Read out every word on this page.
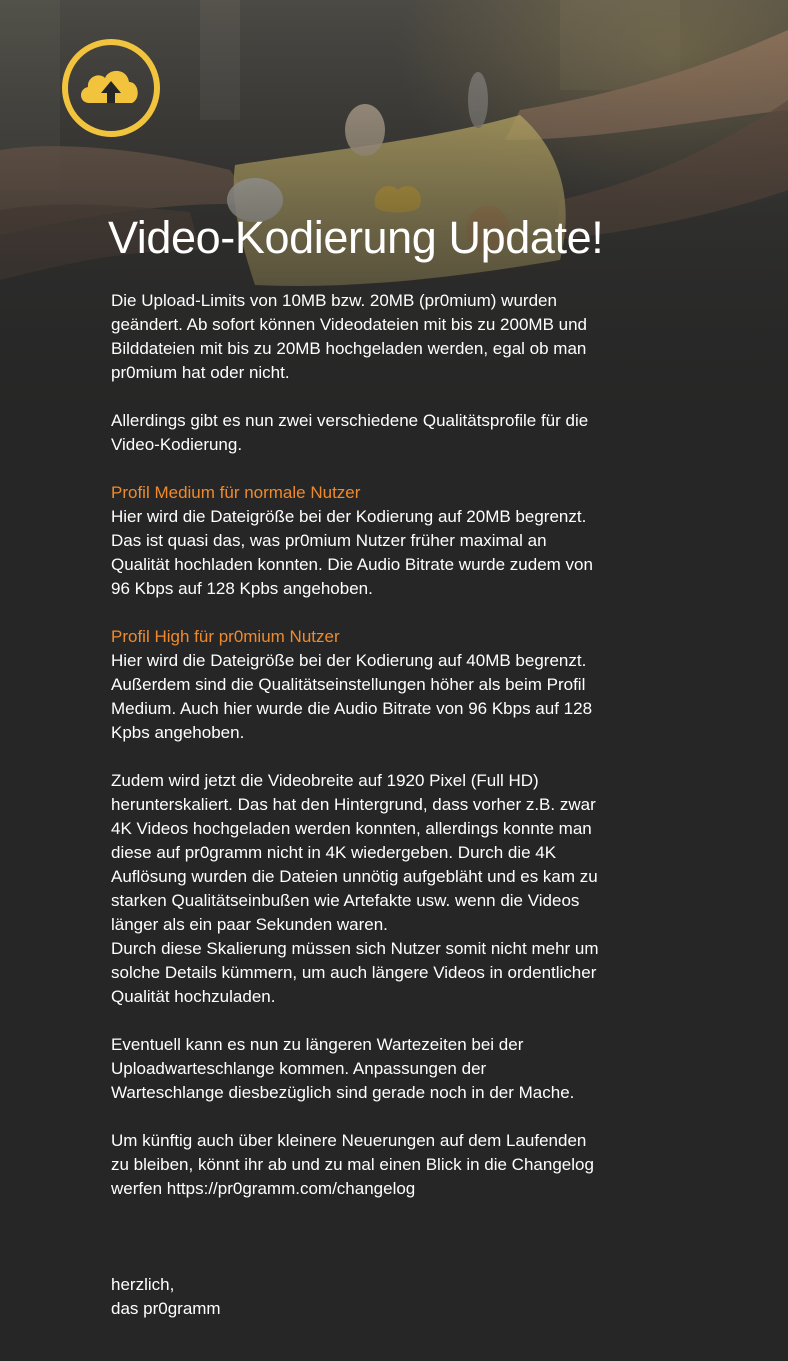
Video-Kodierung Update!

Die Upload-Limits von 10MB bzw. 20MB (pr0mium) wurden
geändert. Ab sofort können Videodateien mit bis zu 200MB und
Bilddateien mit bis zu 20MB hochgeladen werden, egal ob man
pr0mium hat oder nicht.

Allerdings gibt es nun zwei verschiedene Qualitätsprofile für die
Video-Kodierung.

Profil Medium für normale Nutzer
Hier wird die Dateigröße bei der Kodierung auf 20MB begrenzt.
Das ist quasi das, was pr0mium Nutzer früher maximal an
Qualität hochladen konnten. Die Audio Bitrate wurde zudem von
96 Kbps auf 128 Kpbs angehoben.

Profil High für pr0mium Nutzer
Hier wird die Dateigröße bei der Kodierung auf 40MB begrenzt.
Außerdem sind die Qualitätseinstellungen höher als beim Profil
Medium. Auch hier wurde die Audio Bitrate von 96 Kbps auf 128
Kpbs angehoben.

Zudem wird jetzt die Videobreite auf 1920 Pixel (Full HD)
herunterskaliert. Das hat den Hintergrund, dass vorher z.B. zwar
4K Videos hochgeladen werden konnten, allerdings konnte man
diese auf pr0gramm nicht in 4K wiedergeben. Durch die 4K
Auflösung wurden die Dateien unnötig aufgebläht und es kam zu
starken Qualitätseinbußen wie Artefakte usw. wenn die Videos
länger als ein paar Sekunden waren.
Durch diese Skalierung müssen sich Nutzer somit nicht mehr um
solche Details kümmern, um auch längere Videos in ordentlicher
Qualität hochzuladen.

Eventuell kann es nun zu längeren Wartezeiten bei der
Uploadwarteschlange kommen. Anpassungen der
Warteschlange diesbezüglich sind gerade noch in der Mache.

Um künftig auch über kleinere Neuerungen auf dem Laufenden
zu bleiben, könnt ihr ab und zu mal einen Blick in die Changelog
werfen https://pr0gramm.com/changelog

herzlich,
das pr0gramm
